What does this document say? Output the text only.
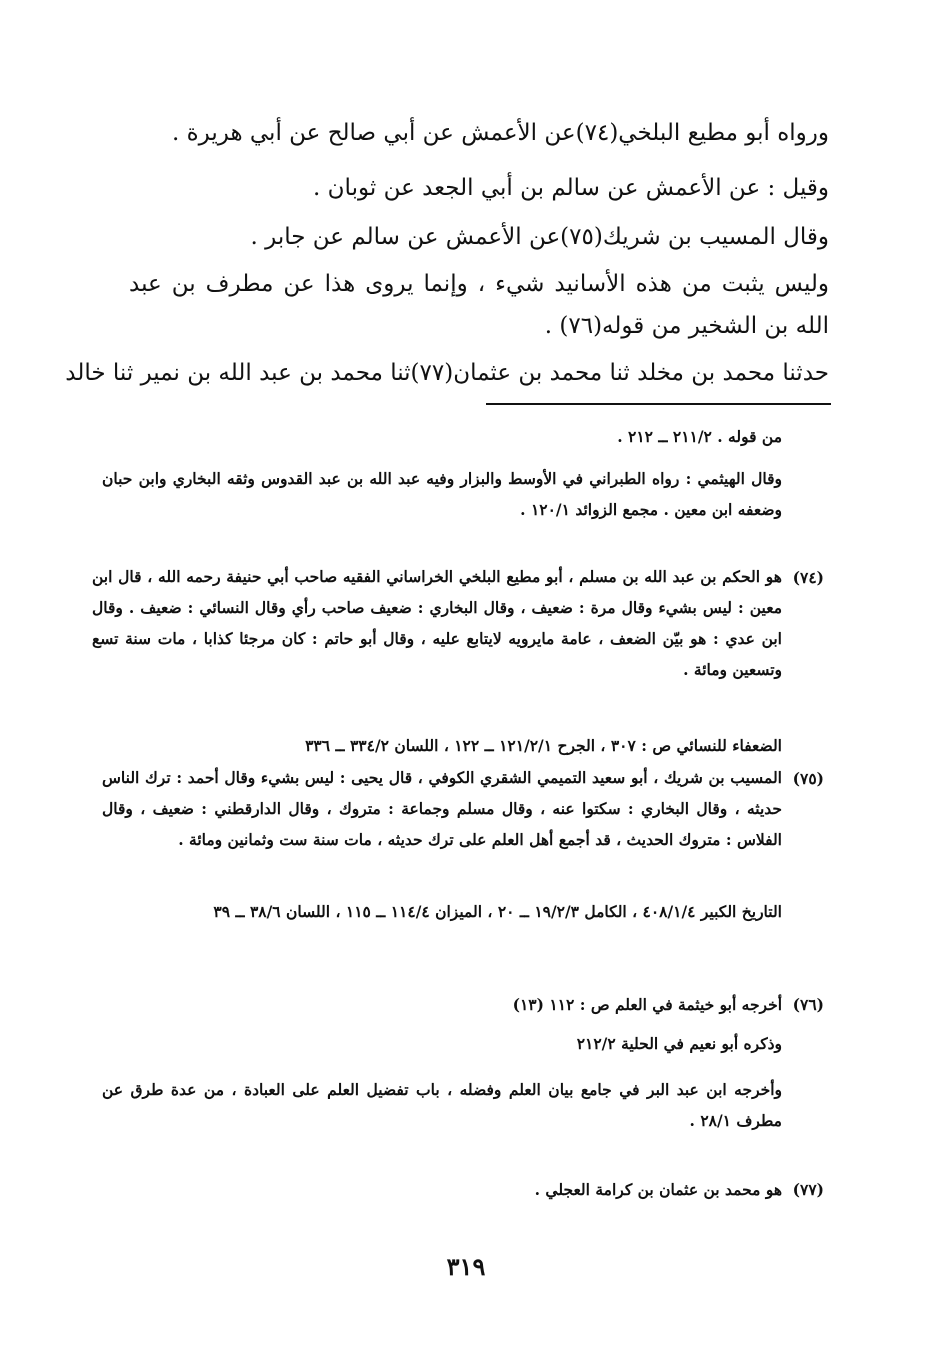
ورواه أبو مطيع البلخي(٧٤)عن الأعمش عن أبي صالح عن أبي هريرة .
وقيل : عن الأعمش عن سالم بن أبي الجعد عن ثوبان .
وقال المسيب بن شريك(٧٥)عن الأعمش عن سالم عن جابر .
وليس يثبت من هذه الأسانيد شيء ، وإنما يروى هذا عن مطرف بن عبد الله بن الشخير من قوله(٧٦) .
حدثنا محمد بن مخلد ثنا محمد بن عثمان(٧٧)ثنا محمد بن عبد الله بن نمير ثنا خالد
من قوله . ٢١١/٢ ــ ٢١٢ .
وقال الهيثمي : رواه الطبراني في الأوسط والبزار وفيه عبد الله بن عبد القدوس وثقه البخاري وابن حبان وضعفه ابن معين . مجمع الزوائد ١٢٠/١ .
(٧٤)
هو الحكم بن عبد الله بن مسلم ، أبو مطيع البلخي الخراساني الفقيه صاحب أبي حنيفة رحمه الله ، قال ابن معين : ليس بشيء وقال مرة : ضعيف ، وقال البخاري : ضعيف صاحب رأي وقال النسائي : ضعيف . وقال ابن عدي : هو بيّن الضعف ، عامة مايرويه لايتابع عليه ، وقال أبو حاتم : كان مرجئا كذابا ، مات سنة تسع وتسعين ومائة .
الضعفاء للنسائي ص : ٣٠٧ ، الجرح ١٢١/٢/١ ــ ١٢٢ ، اللسان ٣٣٤/٢ ــ ٣٣٦
(٧٥)
المسيب بن شريك ، أبو سعيد التميمي الشقري الكوفي ، قال يحيى : ليس بشيء وقال أحمد : ترك الناس حديثه ، وقال البخاري : سكتوا عنه ، وقال مسلم وجماعة : متروك ، وقال الدارقطني : ضعيف ، وقال الفلاس : متروك الحديث ، قد أجمع أهل العلم على ترك حديثه ، مات سنة ست وثمانين ومائة .
التاريخ الكبير ٤٠٨/١/٤ ، الكامل ١٩/٢/٣ ــ ٢٠ ، الميزان ١١٤/٤ ــ ١١٥ ، اللسان ٣٨/٦ ــ ٣٩
(٧٦)
أخرجه أبو خيثمة في العلم ص : ١١٢ (١٣)
وذكره أبو نعيم في الحلية ٢١٢/٢
وأخرجه ابن عبد البر في جامع بيان العلم وفضله ، باب تفضيل العلم على العبادة ، من عدة طرق عن مطرف ٢٨/١ .
(٧٧)
هو محمد بن عثمان بن كرامة العجلي .
٣١٩
